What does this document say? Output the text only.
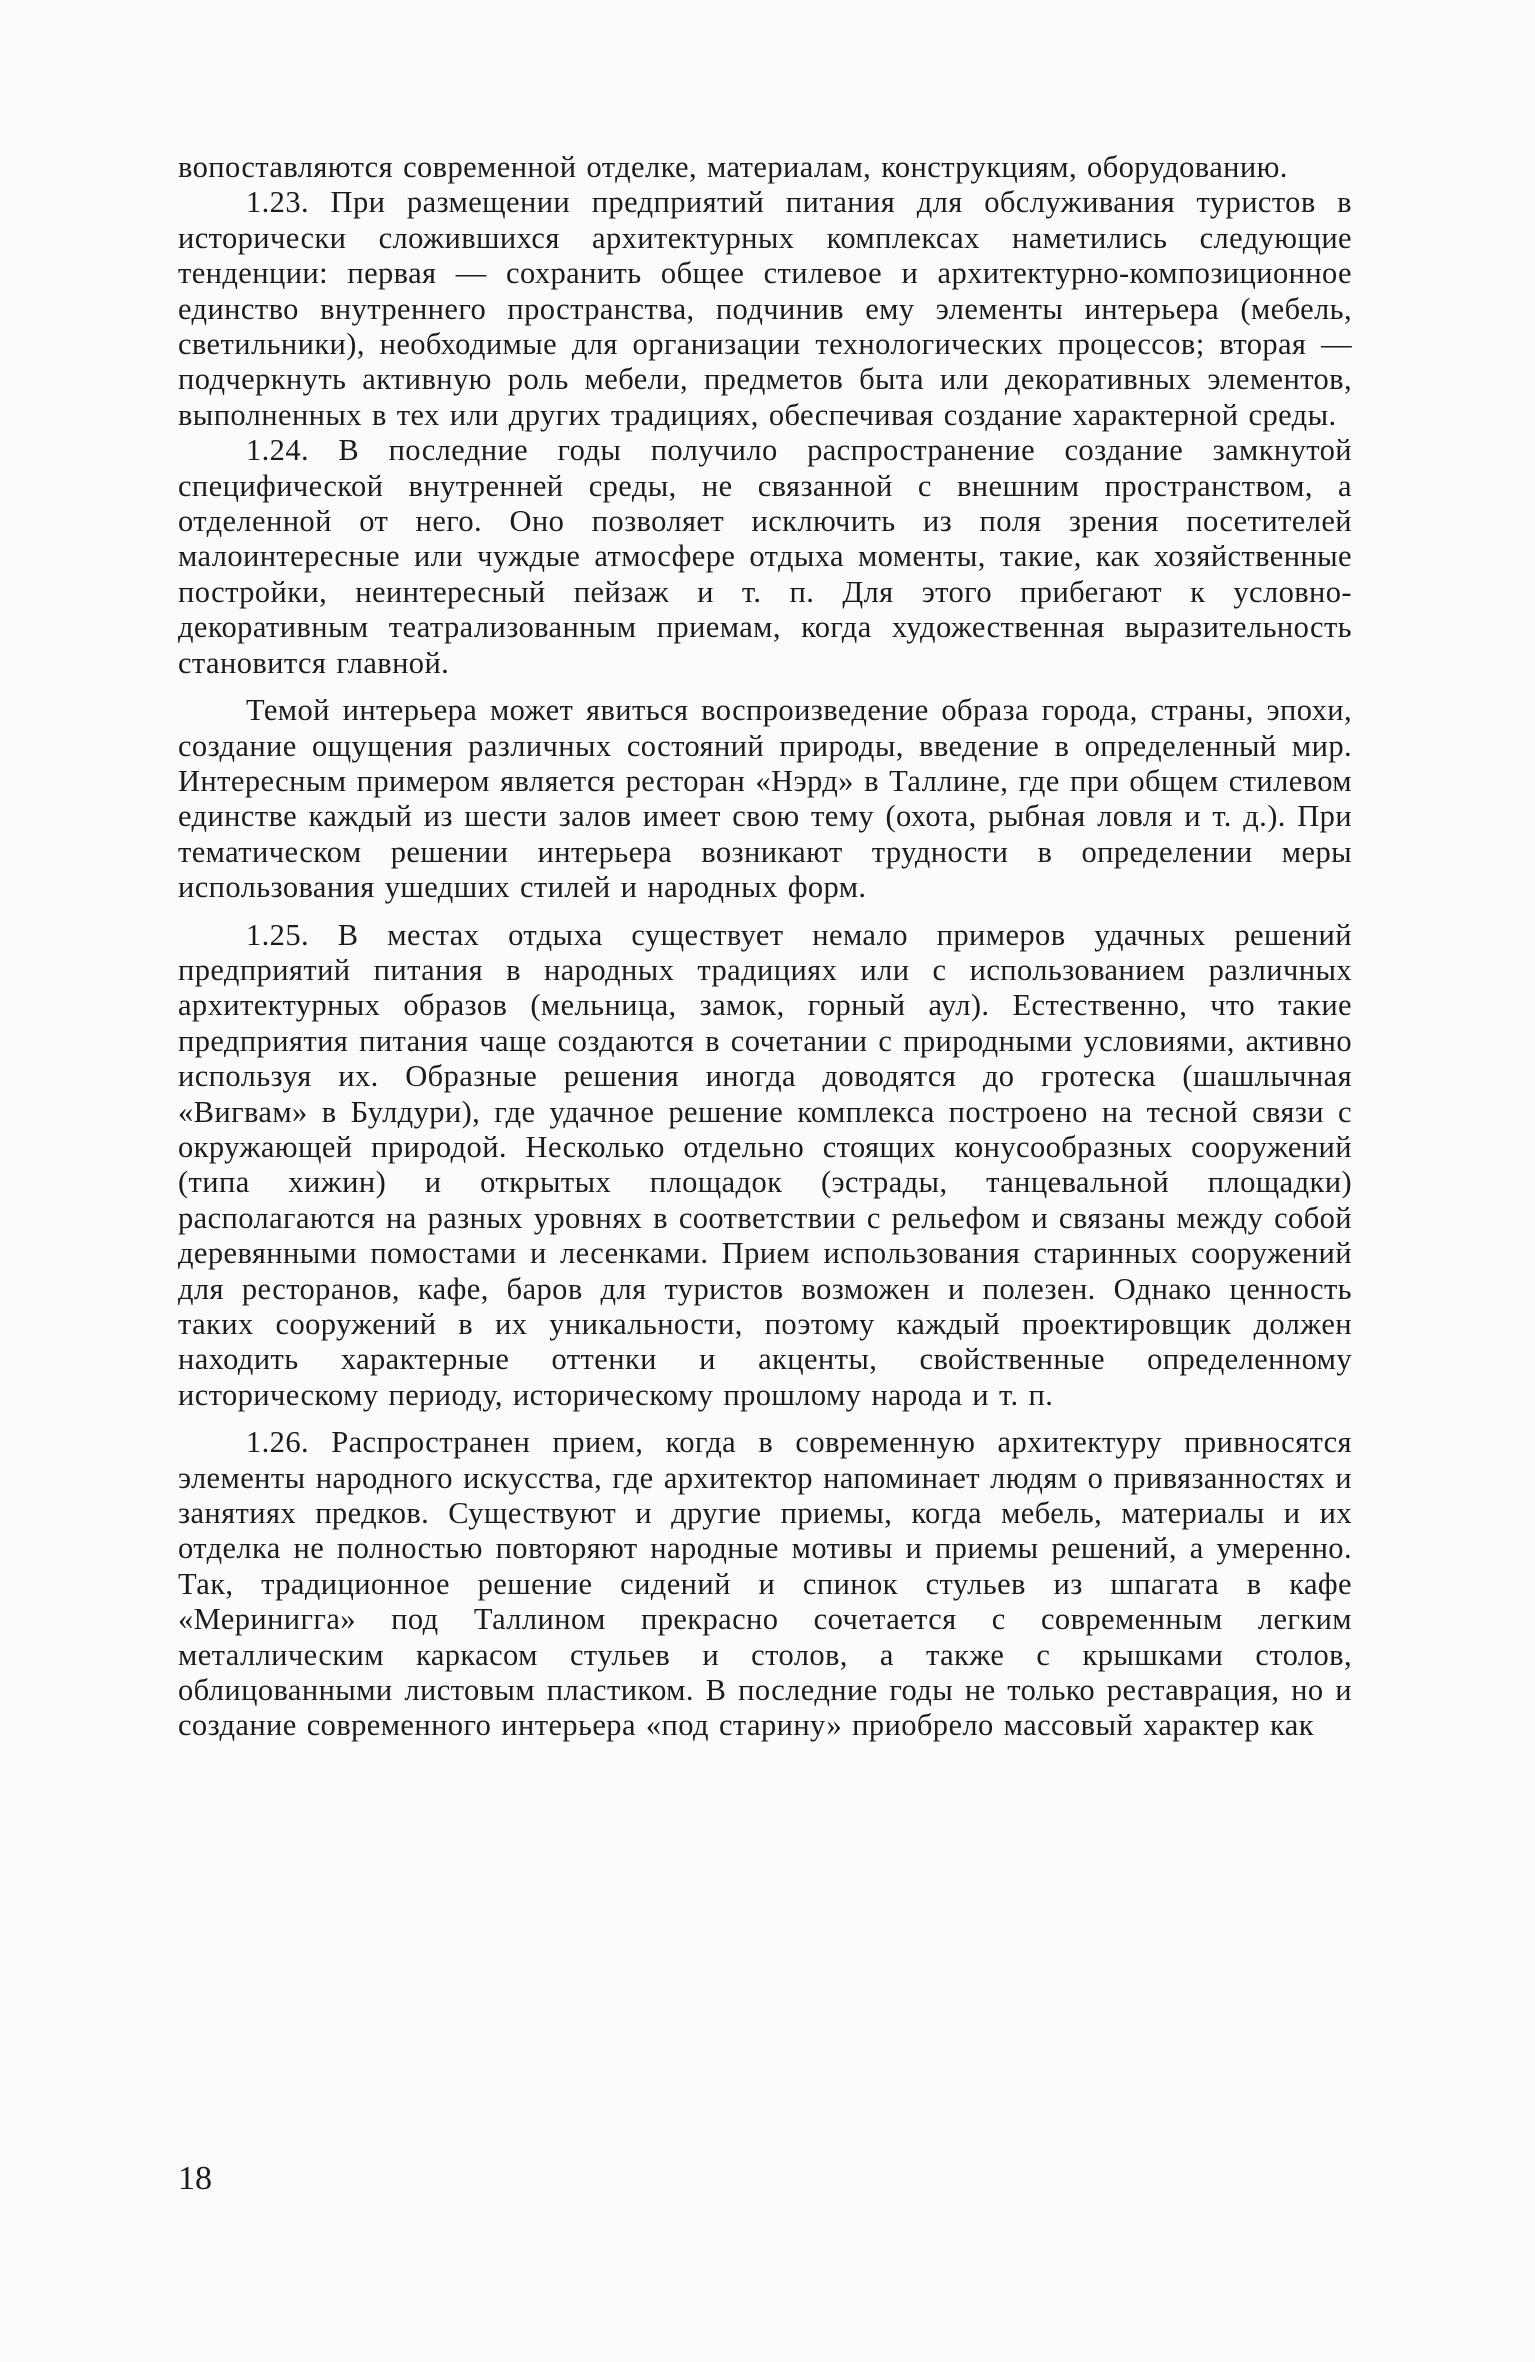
вопоставляются современной отделке, материалам, конструкциям, оборудованию.

1.23. При размещении предприятий питания для обслуживания туристов в исторически сложившихся архитектурных комплексах наметились следующие тенденции: первая — сохранить общее стилевое и архитектурно-композиционное единство внутреннего пространства, подчинив ему элементы интерьера (мебель, светильники), необходимые для организации технологических процессов; вторая — подчеркнуть активную роль мебели, предметов быта или декоративных элементов, выполненных в тех или других традициях, обеспечивая создание характерной среды.

1.24. В последние годы получило распространение создание замкнутой специфической внутренней среды, не связанной с внешним пространством, а отделенной от него. Оно позволяет исключить из поля зрения посетителей малоинтересные или чуждые атмосфере отдыха моменты, такие, как хозяйственные постройки, неинтересный пейзаж и т. п. Для этого прибегают к условно-декоративным театрализованным приемам, когда художественная выразительность становится главной.

Темой интерьера может явиться воспроизведение образа города, страны, эпохи, создание ощущения различных состояний природы, введение в определенный мир. Интересным примером является ресторан «Нэрд» в Таллине, где при общем стилевом единстве каждый из шести залов имеет свою тему (охота, рыбная ловля и т. д.). При тематическом решении интерьера возникают трудности в определении меры использования ушедших стилей и народных форм.

1.25. В местах отдыха существует немало примеров удачных решений предприятий питания в народных традициях или с использованием различных архитектурных образов (мельница, замок, горный аул). Естественно, что такие предприятия питания чаще создаются в сочетании с природными условиями, активно используя их. Образные решения иногда доводятся до гротеска (шашлычная «Вигвам» в Булдури), где удачное решение комплекса построено на тесной связи с окружающей природой. Несколько отдельно стоящих конусообразных сооружений (типа хижин) и открытых площадок (эстрады, танцевальной площадки) располагаются на разных уровнях в соответствии с рельефом и связаны между собой деревянными помостами и лесенками. Прием использования старинных сооружений для ресторанов, кафе, баров для туристов возможен и полезен. Однако ценность таких сооружений в их уникальности, поэтому каждый проектировщик должен находить характерные оттенки и акценты, свойственные определенному историческому периоду, историческому прошлому народа и т. п.

1.26. Распространен прием, когда в современную архитектуру привносятся элементы народного искусства, где архитектор напоминает людям о привязанностях и занятиях предков. Существуют и другие приемы, когда мебель, материалы и их отделка не полностью повторяют народные мотивы и приемы решений, а умеренно. Так, традиционное решение сидений и спинок стульев из шпагата в кафе «Меринигга» под Таллином прекрасно сочетается с современным легким металлическим каркасом стульев и столов, а также с крышками столов, облицованными листовым пластиком. В последние годы не только реставрация, но и создание современного интерьера «под старину» приобрело массовый характер как

18
